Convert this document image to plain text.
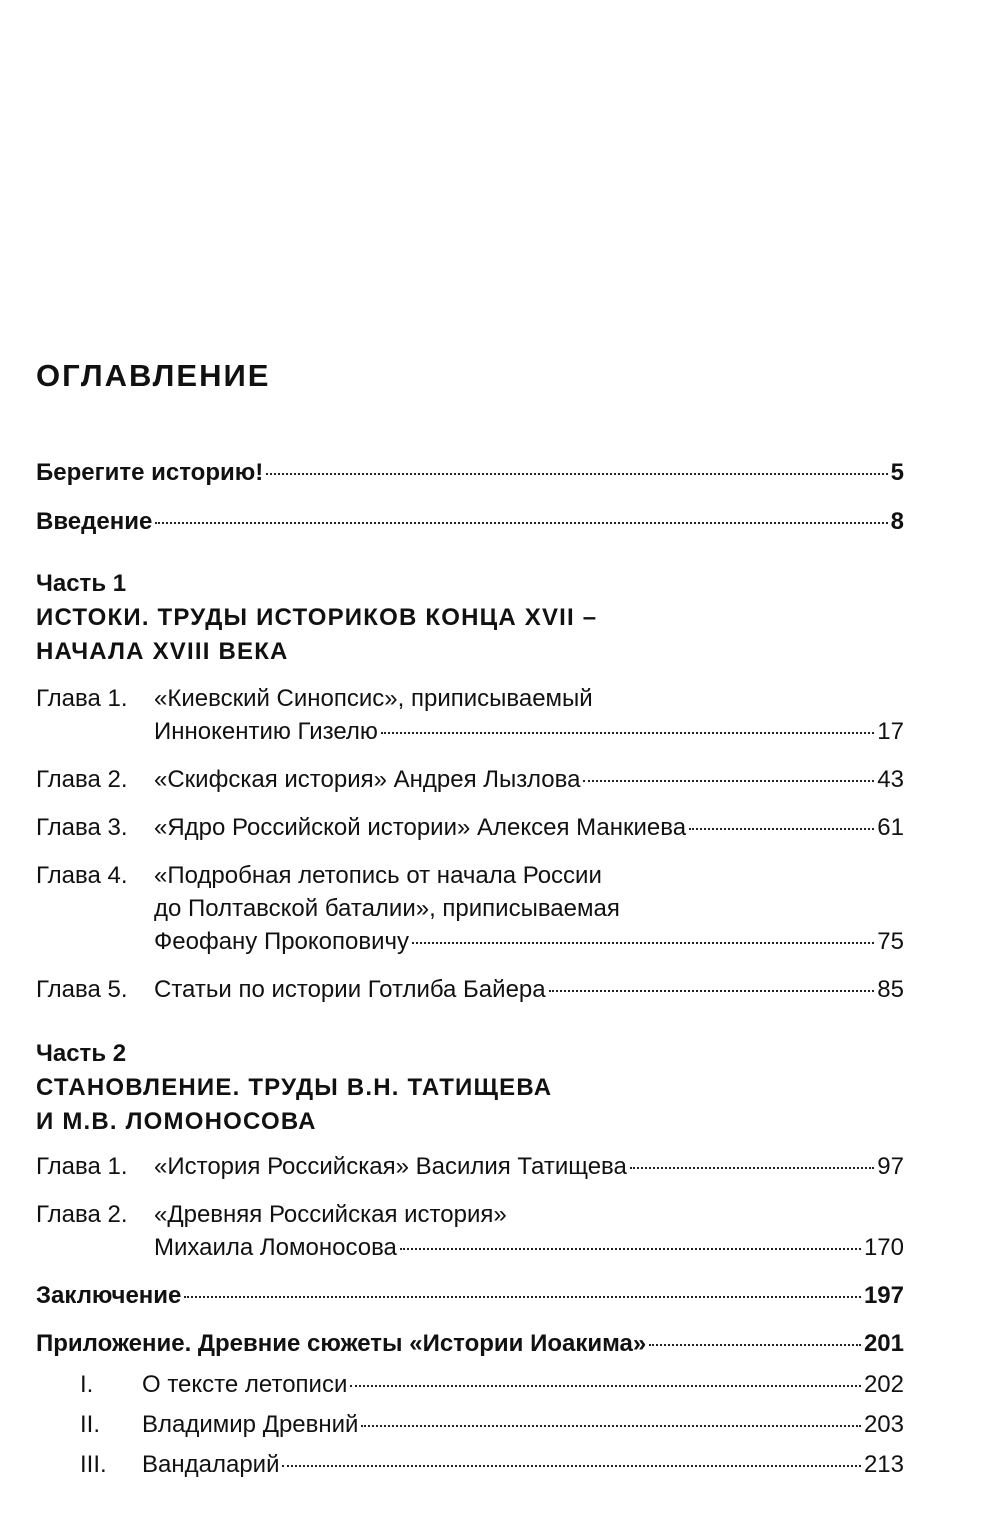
ОГЛАВЛЕНИЕ
Берегите историю!	5
Введение	8
Часть 1
ИСТОКИ. ТРУДЫ ИСТОРИКОВ КОНЦА XVII –
НАЧАЛА XVIII ВЕКА
Глава 1. «Киевский Синопсис», приписываемый
Иннокентию Гизелю	17
Глава 2. «Скифская история» Андрея Лызлова	43
Глава 3. «Ядро Российской истории» Алексея Манкиева	61
Глава 4. «Подробная летопись от начала России
до Полтавской баталии», приписываемая
Феофану Прокоповичу	75
Глава 5. Статьи по истории Готлиба Байера	85
Часть 2
СТАНОВЛЕНИЕ. ТРУДЫ В.Н. ТАТИЩЕВА
И М.В. ЛОМОНОСОВА
Глава 1. «История Российская» Василия Татищева	97
Глава 2. «Древняя Российская история»
Михаила Ломоносова	170
Заключение	197
Приложение. Древние сюжеты «Истории Иоакима»	201
I. О тексте летописи	202
II. Владимир Древний	203
III. Вандаларий	213
